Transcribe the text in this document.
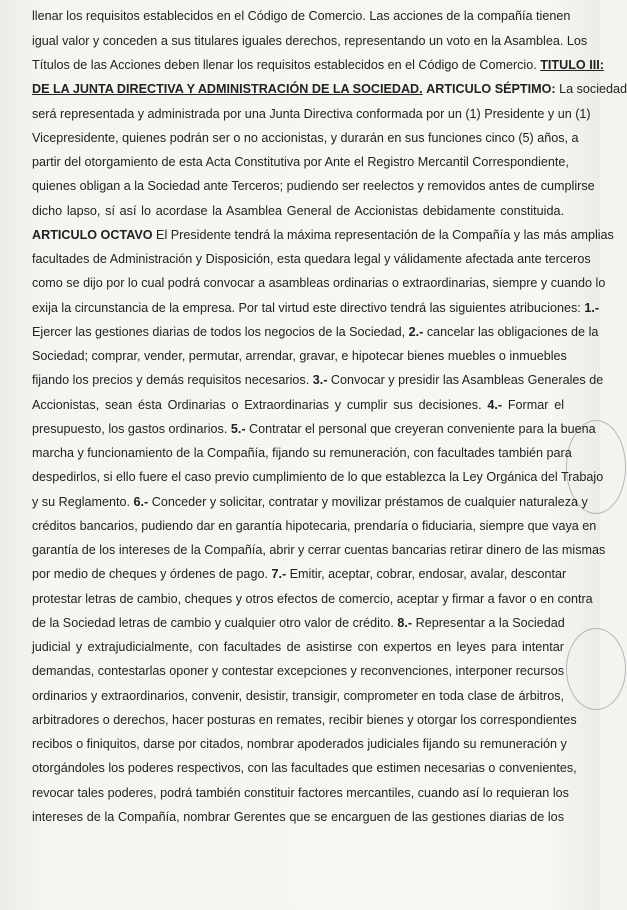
llenar los requisitos establecidos en el Código de Comercio. Las acciones de la compañía tienen
igual valor y conceden a sus titulares iguales derechos, representando un voto en la Asamblea. Los
Títulos de las Acciones deben llenar los requisitos establecidos en el Código de Comercio. TITULO III:
DE LA JUNTA DIRECTIVA Y ADMINISTRACIÓN DE LA SOCIEDAD. ARTICULO SÉPTIMO: La sociedad
será representada y administrada por una Junta Directiva conformada por un (1) Presidente y un (1)
Vicepresidente, quienes podrán ser o no accionistas, y durarán en sus funciones cinco (5) años, a
partir del otorgamiento de esta Acta Constitutiva por Ante el Registro Mercantil Correspondiente,
quienes obligan a la Sociedad ante Terceros; pudiendo ser reelectos y removidos antes de cumplirse
dicho lapso, sí así lo acordase la Asamblea General de Accionistas debidamente constituida.
ARTICULO OCTAVO El Presidente tendrá la máxima representación de la Compañía y las más amplias
facultades de Administración y Disposición, esta quedara legal y válidamente afectada ante terceros
como se dijo por lo cual podrá convocar a asambleas ordinarias o extraordinarias, siempre y cuando lo
exija la circunstancia de la empresa. Por tal virtud este directivo tendrá las siguientes atribuciones: 1.-
Ejercer las gestiones diarias de todos los negocios de la Sociedad, 2.- cancelar las obligaciones de la
Sociedad; comprar, vender, permutar, arrendar, gravar, e hipotecar bienes muebles o inmuebles
fijando los precios y demás requisitos necesarios. 3.- Convocar y presidir las Asambleas Generales de
Accionistas, sean ésta Ordinarias o Extraordinarias y cumplir sus decisiones. 4.- Formar el
presupuesto, los gastos ordinarios. 5.- Contratar el personal que creyeran conveniente para la buena
marcha y funcionamiento de la Compañía, fijando su remuneración, con facultades también para
despedirlos, si ello fuere el caso previo cumplimiento de lo que establezca la Ley Orgánica del Trabajo
y su Reglamento. 6.- Conceder y solicitar, contratar y movilizar préstamos de cualquier naturaleza y
créditos bancarios, pudiendo dar en garantía hipotecaria, prendaría o fiduciaria, siempre que vaya en
garantía de los intereses de la Compañía, abrir y cerrar cuentas bancarias retirar dinero de las mismas
por medio de cheques y órdenes de pago. 7.- Emitir, aceptar, cobrar, endosar, avalar, descontar
protestar letras de cambio, cheques y otros efectos de comercio, aceptar y firmar a favor o en contra
de la Sociedad letras de cambio y cualquier otro valor de crédito. 8.- Representar a la Sociedad
judicial y extrajudicialmente, con facultades de asistirse con expertos en leyes para intentar
demandas, contestarlas oponer y contestar excepciones y reconvenciones, interponer recursos
ordinarios y extraordinarios, convenir, desistir, transigir, comprometer en toda clase de árbitros,
arbitradores o derechos, hacer posturas en remates, recibir bienes y otorgar los correspondientes
recibos o finiquitos, darse por citados, nombrar apoderados judiciales fijando su remuneración y
otorgándoles los poderes respectivos, con las facultades que estimen necesarias o convenientes,
revocar tales poderes, podrá también constituir factores mercantiles, cuando así lo requieran los
intereses de la Compañía, nombrar Gerentes que se encarguen de las gestiones diarias de los
